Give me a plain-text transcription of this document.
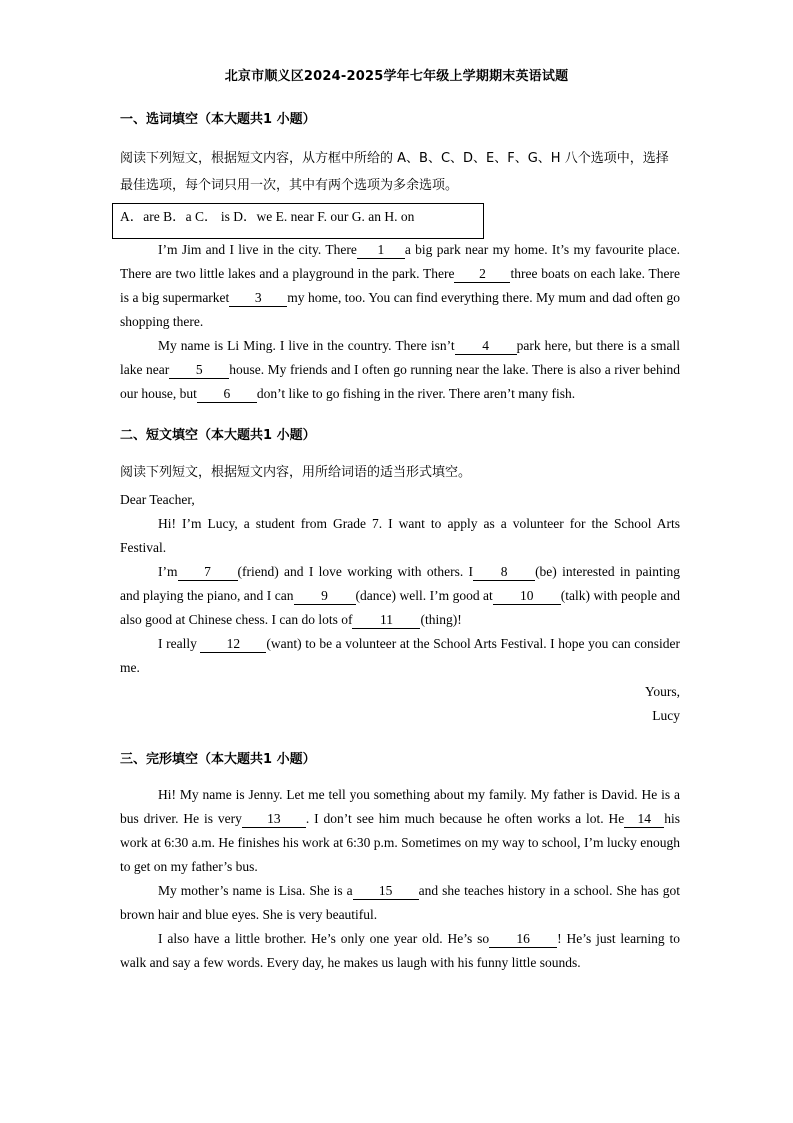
北京市顺义区2024-2025学年七年级上学期期末英语试题
一、选词填空（本大题共1 小题）
阅读下列短文，根据短文内容，从方框中所给的 A、B、C、D、E、F、G、H 八个选项中，选择最佳选项，每个词只用一次，其中有两个选项为多余选项。
A．are B．a C． is D．we E. near F. our G. an H. on

I’m Jim and I live in the city. There 1 a big park near my home. It’s my favourite place. There are two little lakes and a playground in the park. There 2 three boats on each lake. There is a big supermarket 3 my home, too. You can find everything there. My mum and dad often go shopping there.

My name is Li Ming. I live in the country. There isn’t 4 park here, but there is a small lake near 5 house. My friends and I often go running near the lake. There is also a river behind our house, but 6 don’t like to go fishing in the river. There aren’t many fish.

二、短文填空（本大题共1 小题）
阅读下列短文，根据短文内容，用所给词语的适当形式填空。

Dear Teacher,

Hi! I’m Lucy, a student from Grade 7. I want to apply as a volunteer for the School Arts Festival.

I’m 7 (friend) and I love working with others. I 8 (be) interested in painting and playing the piano, and I can 9 (dance) well. I’m good at 10 (talk) with people and also good at Chinese chess. I can do lots of 11 (thing)!

I really 12 (want) to be a volunteer at the School Arts Festival. I hope you can consider me.

Yours,

Lucy

三、完形填空（本大题共1 小题）

Hi! My name is Jenny. Let me tell you something about my family. My father is David. He is a bus driver. He is very 13 . I don’t see him much because he often works a lot. He 14 his work at 6:30 a.m. He finishes his work at 6:30 p.m. Sometimes on my way to school, I’m lucky enough to get on my father’s bus.

My mother’s name is Lisa. She is a 15 and she teaches history in a school. She has got brown hair and blue eyes. She is very beautiful.

I also have a little brother. He’s only one year old. He’s so 16 ! He’s just learning to walk and say a few words. Every day, he makes us laugh with his funny little sounds.
